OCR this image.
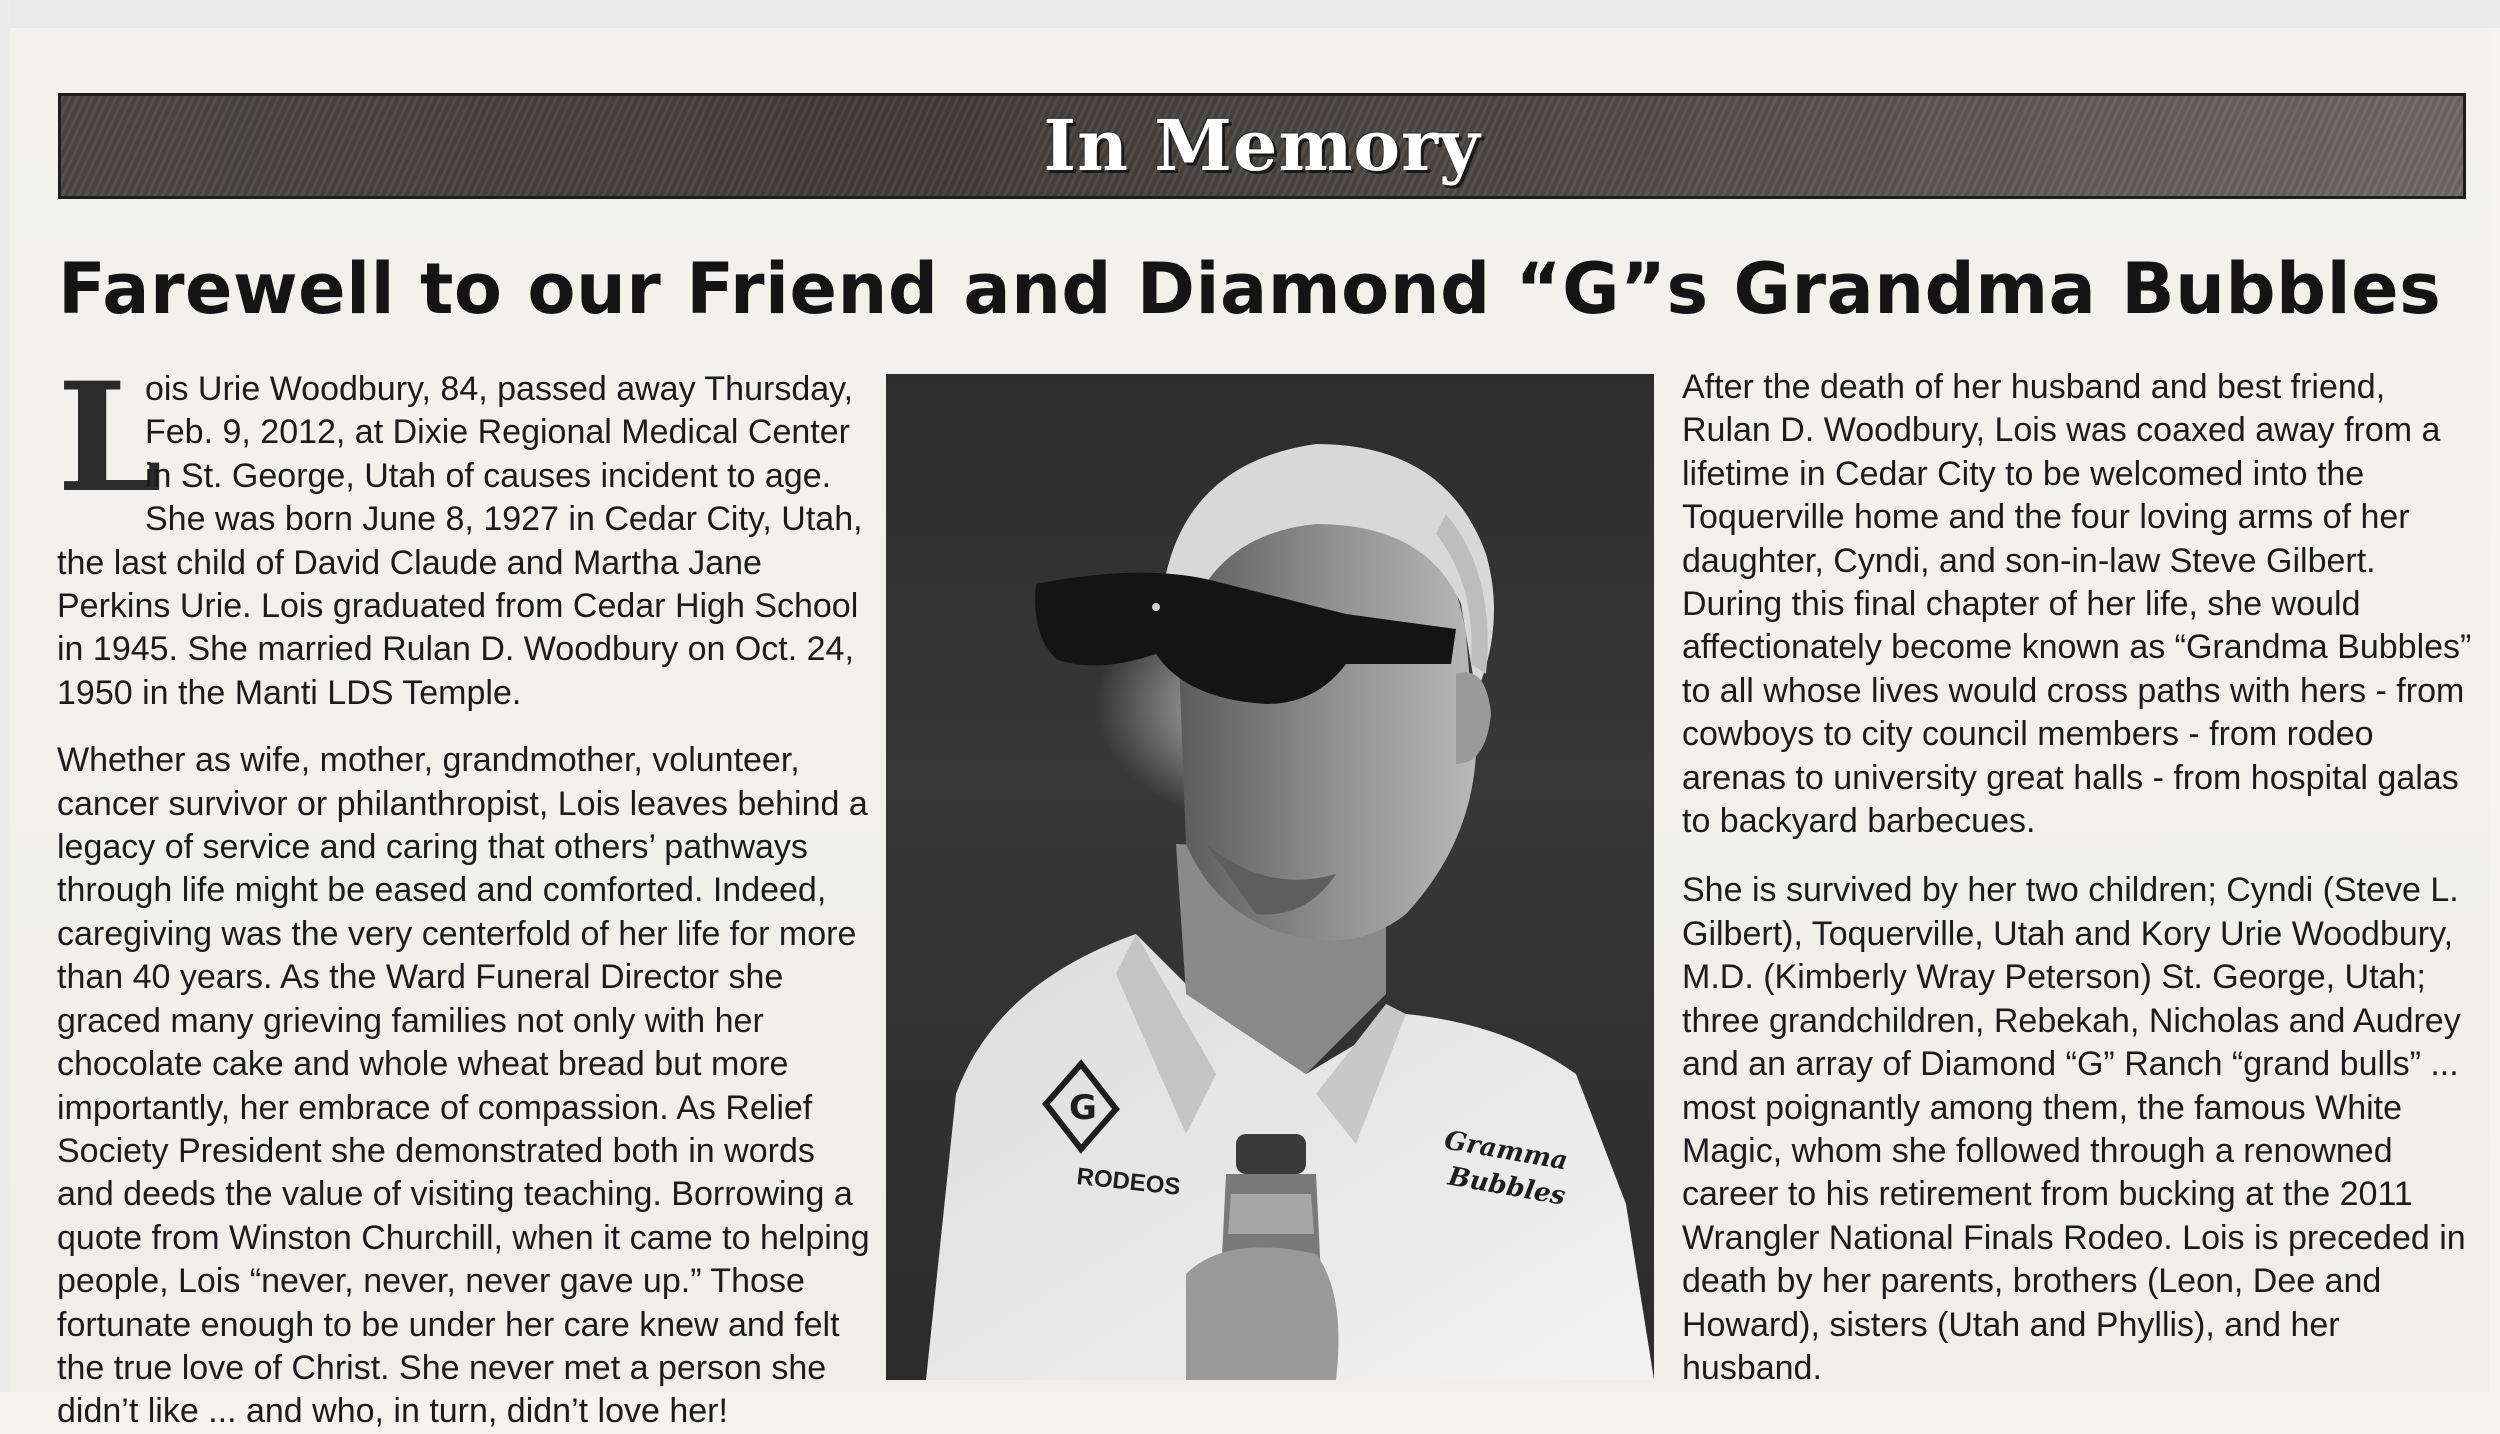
In Memory
Farewell to our Friend and Diamond “G”s Grandma Bubbles

L
ois Urie Woodbury, 84, passed away Thursday, Feb. 9, 2012, at Dixie Regional Medical Center in St. George, Utah of causes incident to age. She was born June 8, 1927 in Cedar City, Utah, the last child of David Claude and Martha Jane Perkins Urie. Lois graduated from Cedar High School in 1945. She married Rulan D. Woodbury on Oct. 24, 1950 in the Manti LDS Temple.

Whether as wife, mother, grandmother, volunteer, cancer survivor or philanthropist, Lois leaves behind a legacy of service and caring that others’ pathways through life might be eased and comforted. Indeed, caregiving was the very centerfold of her life for more than 40 years. As the Ward Funeral Director she graced many grieving families not only with her chocolate cake and whole wheat bread but more importantly, her embrace of compassion. As Relief Society President she demonstrated both in words and deeds the value of visiting teaching. Borrowing a quote from Winston Churchill, when it came to helping people, Lois “never, never, never gave up.” Those fortunate enough to be under her care knew and felt the true love of Christ. She never met a person she didn’t like ... and who, in turn, didn’t love her!

G
RODEOS
Gramma
Bubbles

After the death of her husband and best friend, Rulan D. Woodbury, Lois was coaxed away from a lifetime in Cedar City to be welcomed into the Toquerville home and the four loving arms of her daughter, Cyndi, and son-in-law Steve Gilbert. During this final chapter of her life, she would affectionately become known as “Grandma Bubbles” to all whose lives would cross paths with hers - from cowboys to city council members - from rodeo arenas to university great halls - from hospital galas to backyard barbecues.

She is survived by her two children; Cyndi (Steve L. Gilbert), Toquerville, Utah and Kory Urie Woodbury, M.D. (Kimberly Wray Peterson) St. George, Utah; three grandchildren, Rebekah, Nicholas and Audrey and an array of Diamond “G” Ranch “grand bulls” ... most poignantly among them, the famous White Magic, whom she followed through a renowned career to his retirement from bucking at the 2011 Wrangler National Finals Rodeo. Lois is preceded in death by her parents, brothers (Leon, Dee and Howard), sisters (Utah and Phyllis), and her husband.
